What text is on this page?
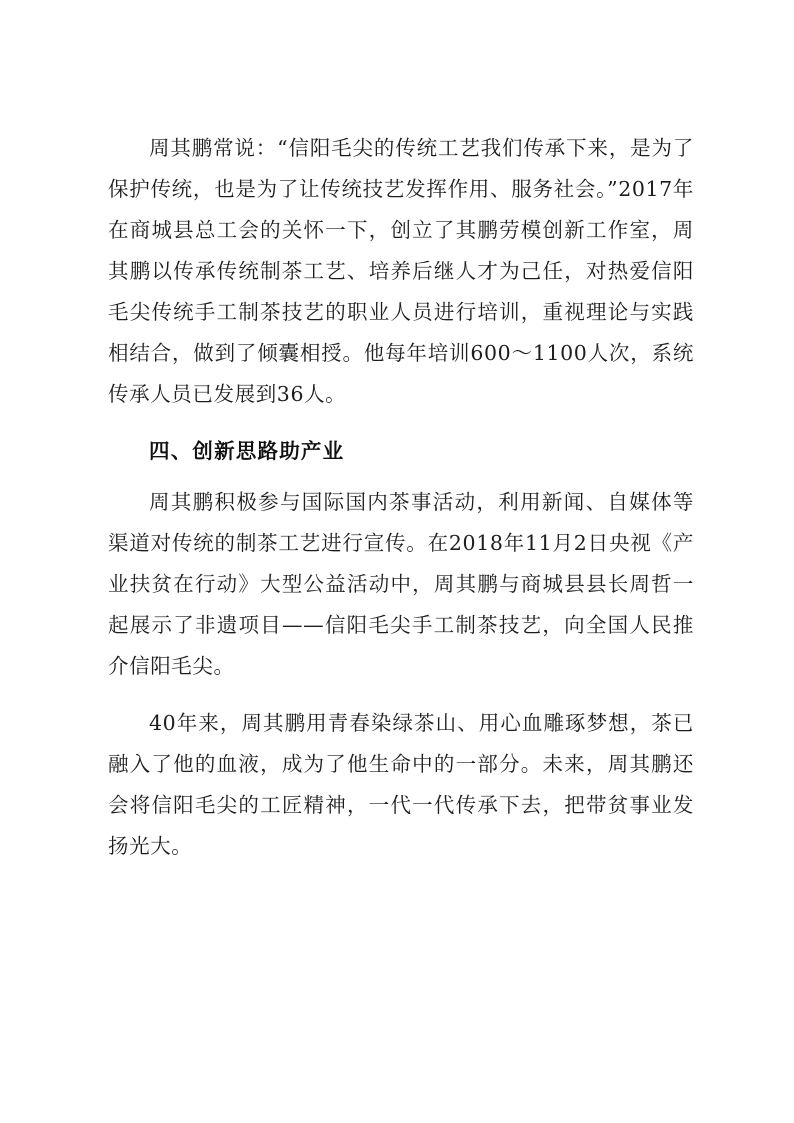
周其鹏常说：“信阳毛尖的传统工艺我们传承下来，是为了保护传统，也是为了让传统技艺发挥作用、服务社会。”2017年在商城县总工会的关怀一下，创立了其鹏劳模创新工作室，周其鹏以传承传统制茶工艺、培养后继人才为己任，对热爱信阳毛尖传统手工制茶技艺的职业人员进行培训，重视理论与实践相结合，做到了倾囊相授。他每年培训600～1100人次，系统传承人员已发展到36人。

四、创新思路助产业

周其鹏积极参与国际国内茶事活动，利用新闻、自媒体等渠道对传统的制茶工艺进行宣传。在2018年11月2日央视《产业扶贫在行动》大型公益活动中，周其鹏与商城县县长周哲一起展示了非遗项目——信阳毛尖手工制茶技艺，向全国人民推介信阳毛尖。

40年来，周其鹏用青春染绿茶山、用心血雕琢梦想，茶已融入了他的血液，成为了他生命中的一部分。未来，周其鹏还会将信阳毛尖的工匠精神，一代一代传承下去，把带贫事业发扬光大。
